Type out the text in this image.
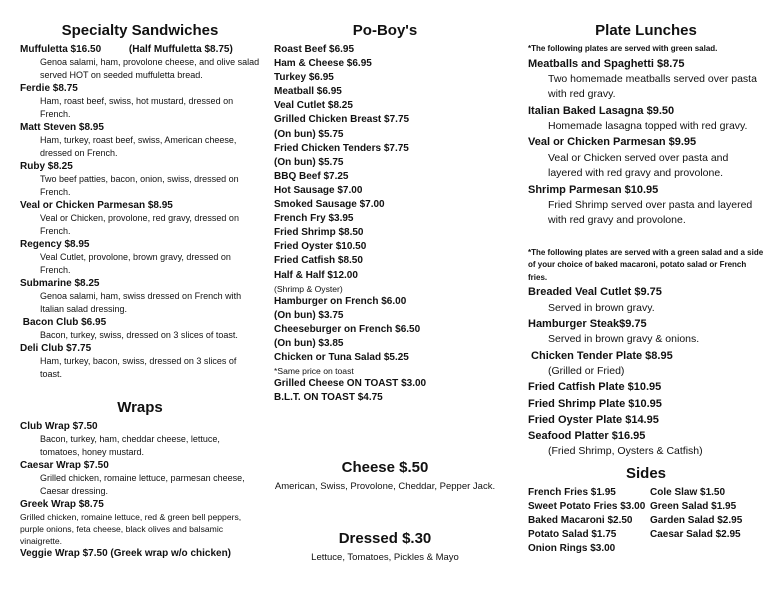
Specialty Sandwiches
Muffuletta $16.50          (Half Muffuletta $8.75)
Genoa salami, ham, provolone cheese, and olive salad served HOT on seeded muffuletta bread.
Ferdie $8.75
Ham, roast beef, swiss, hot mustard, dressed on French.
Matt Steven $8.95
Ham, turkey, roast beef, swiss, American cheese, dressed on French.
Ruby $8.25
Two beef patties, bacon, onion, swiss, dressed on French.
Veal or Chicken Parmesan $8.95
Veal or Chicken, provolone, red gravy, dressed on French.
Regency $8.95
Veal Cutlet, provolone, brown gravy, dressed on French.
Submarine $8.25
Genoa salami, ham, swiss dressed on French with Italian salad dressing.
Bacon Club $6.95
Bacon, turkey, swiss, dressed on 3 slices of toast.
Deli Club $7.75
Ham, turkey, bacon, swiss, dressed on 3 slices of toast.
Wraps
Club Wrap $7.50
Bacon, turkey, ham, cheddar cheese, lettuce, tomatoes, honey mustard.
Caesar Wrap $7.50
Grilled chicken, romaine lettuce, parmesan cheese, Caesar dressing.
Greek Wrap $8.75
Grilled chicken, romaine lettuce, red & green bell peppers, purple onions, feta cheese, black olives and balsamic vinaigrette.
Veggie Wrap $7.50 (Greek wrap w/o chicken)
Po-Boy's
Roast Beef $6.95
Ham & Cheese $6.95
Turkey $6.95
Meatball $6.95
Veal Cutlet $8.25
Grilled Chicken Breast $7.75
(On bun) $5.75
Fried Chicken Tenders $7.75
(On bun) $5.75
BBQ Beef $7.25
Hot Sausage $7.00
Smoked Sausage $7.00
French Fry $3.95
Fried Shrimp $8.50
Fried Oyster $10.50
Fried Catfish $8.50
Half & Half $12.00
(Shrimp & Oyster)
Hamburger on French $6.00
(On bun) $3.75
Cheeseburger on French $6.50
(On bun) $3.85
Chicken or Tuna Salad $5.25
*Same price on toast
Grilled Cheese ON TOAST $3.00
B.L.T. ON TOAST $4.75
Cheese $.50
American, Swiss, Provolone, Cheddar, Pepper Jack.
Dressed $.30
Lettuce, Tomatoes, Pickles & Mayo
Plate Lunches
*The following plates are served with green salad.
Meatballs and Spaghetti $8.75
Two homemade meatballs served over pasta with red gravy.
Italian Baked Lasagna $9.50
Homemade lasagna topped with red gravy.
Veal or Chicken Parmesan $9.95
Veal or Chicken served over pasta and layered with red gravy and provolone.
Shrimp Parmesan $10.95
Fried Shrimp served over pasta and layered with red gravy and provolone.
*The following plates are served with a green salad and a side of your choice of baked macaroni, potato salad or French fries.
Breaded Veal Cutlet $9.75
Served in brown gravy.
Hamburger Steak$9.75
Served in brown gravy & onions.
Chicken Tender Plate $8.95
(Grilled or Fried)
Fried Catfish Plate $10.95
Fried Shrimp Plate $10.95
Fried Oyster Plate $14.95
Seafood Platter $16.95
(Fried Shrimp, Oysters & Catfish)
Sides
French Fries $1.95	Cole Slaw $1.50
Sweet Potato Fries $3.00 Green Salad $1.95
Baked Macaroni $2.50	Garden Salad $2.95
Potato Salad $1.75	Caesar Salad $2.95
Onion Rings $3.00
